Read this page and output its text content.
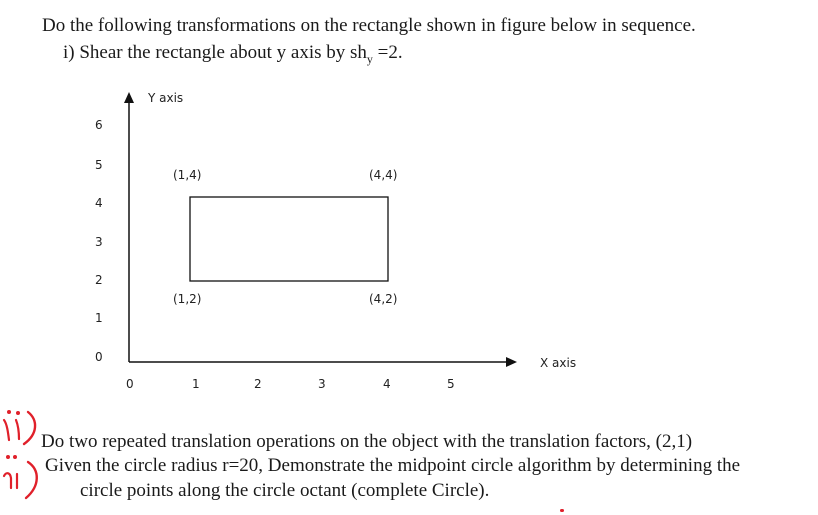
Do the following transformations on the rectangle shown in figure below in sequence.
i) Shear the rectangle about y axis by $sh_y =2$.
Y axis
X axis
6
5
4
3
2
1
0
0	1	2	3	4	5
(1,4)	(4,4)
(1,2)	(4,2)
Do two repeated translation operations on the object with the translation factors, (2,1)
Given the circle radius r=20, Demonstrate the midpoint circle algorithm by determining the
circle points along the circle octant (complete Circle).
